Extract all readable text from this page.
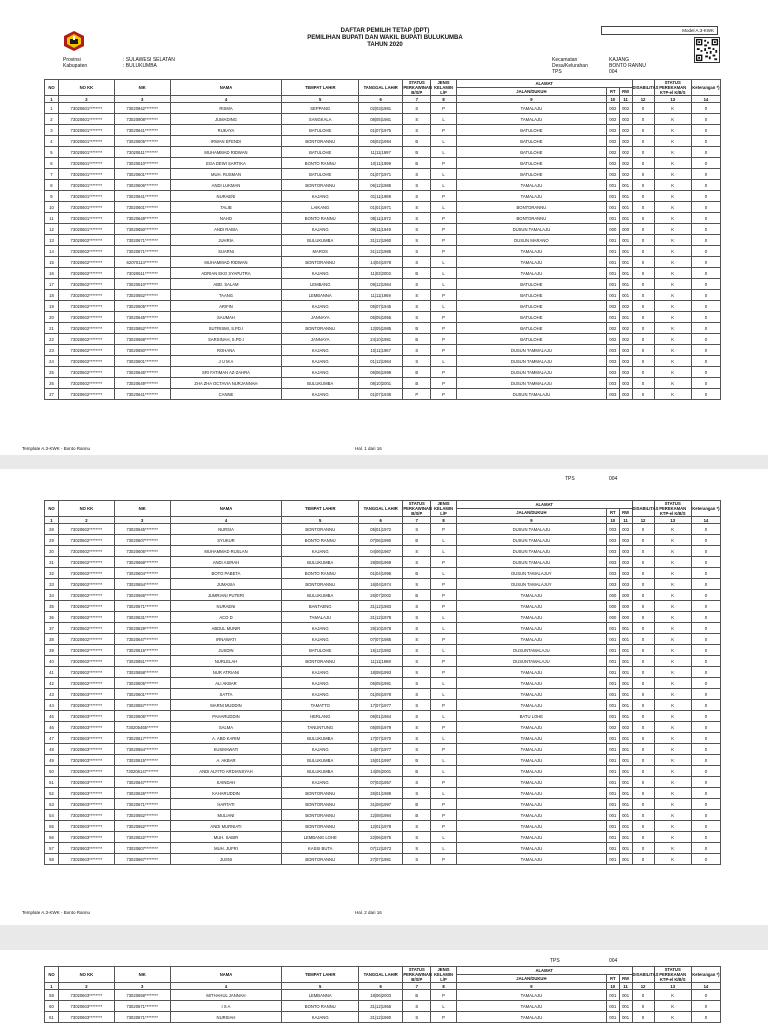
Model A.3-KWK
DAFTAR PEMILIH TETAP (DPT)
PEMILIHAN BUPATI DAN WAKIL BUPATI BULUKUMBA
TAHUN 2020
Provinsi	: SULAWESI SELATAN
Kabupaten	: BULUKUMBA
Kecamatan	KAJANG
Desa/Kelurahan	BONTO RANNU
TPS	004
NO	NO KK	NIK	NAMA	TEMPAT LAHIR	TANGGAL LAHIR	STATUS PERKAWINAN B/S/P	JENIS KELAMIN L/P	ALAMAT			DISABILITAS	STATUS PEREKAMAN KTP-el K/B/S	Keterangan *)
								JALAN/DUKUH	RT	RW			
1	2	3	4	5	6	7	8	9	10	11	12	13	14
1	73020601********	73020942********	RISMA	SEPPANG	02|03|1981	S	P	TAMALAJU	002	002	0	K	0
2	73020601********	73020908********	JUMADING	SANGKALA	08|05|1981	S	L	TAMALAJU	002	002	0	K	0
3	73020601********	73020641********	RUKAYA	BATULOHE	01|07|1975	S	P	BATULOHE	002	002	0	K	0
4	73020601********	73020605********	IRWAN EFENDI	BONTORANNU	05|02|1994	B	L	BATULOHE	002	002	0	K	0
5	73020601********	73020611********	MUHAMMAD RIDWAN	BATULOHE	11|11|1997	B	L	BATULOHE	002	002	0	K	0
6	73020601********	73020610********	EGA DEWI SARTIKA	BONTO RANNU	10|11|1999	B	P	BATULOHE	002	002	0	K	0
7	73020601********	73020601********	MUH. RUSMAN	BATULOHE	01|07|1971	S	L	BATULOHE	002	002	0	K	0
8	73020601********	73020606********	ANDI LUKMAN	BONTORANNU	06|12|1985	S	L	TAMALAJU	001	001	0	K	0
9	73020601********	73020641********	NURAENI	KAJANG	01|11|1989	S	P	TAMALAJU	001	001	0	K	0
10	73020601********	73020601********	TALIB	LAIKANG	01|01|1971	S	L	BONTORANNU	001	001	0	K	0
11	73020601********	73020648********	NAHO	BONTO RANNU	08|11|1972	S	P	BONTORANNU	001	001	0	K	0
12	73020601********	73020650********	ANDI RABIA	KAJANG	09|11|1949	S	P	DUSUN TAMALAJU	000	000	0	K	0
13	73020602********	73020671********	JUHRIA	BULUKUMBA	31|12|1960	S	P	DUSUN MARANO	001	001	0	K	0
14	73020602********	73020671********	SUARNI	MAROS	31|12|1985	S	P	TAMALAJU	001	001	0	K	0
15	73020602********	62070114********	MUHAMMAD RIDWAN	BONTORANNU	14|04|1978	S	L	TAMALAJU	001	001	0	K	0
16	73020602********	73020611********	ADRIAN EKO SYAPUTRA	KAJANG	11|02|2002	B	L	TAMALAJU	001	001	0	K	0
17	73020602********	73020610********	ABD. SALAM	LEMBANG	09|12|1964	S	L	BATULOHE	001	001	0	K	0
18	73020602********	73020652********	TAANG	LEMBANNA	11|11|1969	S	P	BATULOHE	001	001	0	K	0
19	73020602********	73020605********	ARIFIN	KAJANG	05|07|1945	S	L	BATULOHE	002	002	0	K	0
20	73020602********	73020645********	SAUMAH	JANNAYA	05|05|1955	S	P	BATULOHE	001	001	0	K	0
21	73020602********	73020652********	SUTRISMI, S.PD.I	BONTORANNU	12|05|1985	B	P	BATULOHE	002	002	0	K	0
22	73020602********	73020668********	SARSINAH, S.PD.I	JANNAYA	24|10|1981	B	P	BATULOHE	002	002	0	K	0
23	73020602********	73020650********	ROHANA	KAJANG	10|11|1967	S	P	DUSUN TAMMALAJU	003	003	0	K	0
24	73020602********	73020601********	J U M A	KAJANG	01|12|1964	S	L	DUSUN TAMMALAJU	003	003	0	K	0
25	73020602********	73020646********	SRI FATIMAH AZ-ZAHRA	KAJANG	06|06|1999	B	P	DUSUN TAMMALAJU	003	003	0	K	0
26	73020602********	73020649********	ZHA ZHA OCTAVIA NURJANNAH	BULUKUMBA	08|10|2001	B	P	DUSUN TAMMALAJU	003	003	0	K	0
27	73020602********	73020641********	CANNE	KAJANG	01|07|1936	P	P	DUSUN TAMALAJU	003	003	0	K	0
Template A.3-KWK - Bonto Rannu	Hal. 1 dari 16
TPS	004
NO	NO KK	NIK	NAMA	TEMPAT LAHIR	TANGGAL LAHIR	STATUS PERKAWINAN B/S/P	JENIS KELAMIN L/P	ALAMAT			DISABILITAS	STATUS PEREKAMAN KTP-el K/B/S	Keterangan *)
								JALAN/DUKUH	RT	RW			
1	2	3	4	5	6	7	8	9	10	11	12	13	14
28	73020602********	73020645********	NURSIA	BONTORANNU	05|01|1972	S	P	DUSUN TAMALAJU	003	003	0	K	0
29	73020602********	73020607********	SYUKUR	BONTO RANNU	07|06|1990	B	L	DUSUN TAMALAJU	003	003	0	K	0
30	73020602********	73020606********	MUHAMMAD RUSLAN	KAJANG	04|06|1967	S	L	DUSUN TAMALAJU	003	003	0	K	0
31	73020602********	73020668********	ANDI ASIRAH	BULUKUMBA	28|08|1969	S	P	DUSUN TAMALAJU	003	003	0	K	0
32	73020602********	73020604********	BOTO PABETA	BONTO RANNU	01|04|1996	B	L	DUSUN TAMALAJUY	003	003	0	K	0
33	73020602********	73020654********	JUMASIA	BONTORANNU	16|04|1974	S	P	DUSUN TAMALAJUY	003	003	0	K	0
34	73020602********	73020666********	JUMRIANI PUTERI	BULUKUMBA	26|07|2002	B	P	TAMALAJU	000	000	0	K	0
35	73020602********	73020671********	NURAENI	BANTAENG	31|12|1983	S	P	TAMALAJU	000	000	0	K	0
36	73020602********	73020631********	ACO D	TAMALAJU	31|12|1978	S	L	TAMALAJU	000	000	0	K	0
37	73020602********	73020629********	ABDUL MUNIR	KAJANG	29|10|1978	S	L	TAMALAJU	001	001	0	K	0
38	73020602********	73020647********	IRNAWATI	KAJANG	07|07|1985	S	P	TAMALAJU	001	001	0	K	0
39	73020602********	73020615********	JUSDIN	BATULOHE	15|12|1982	S	L	DUSUNTAMALAJU	001	001	0	K	0
40	73020602********	73020651********	NURLELAH	BONTORANNU	11|11|1988	S	P	DUSUNTAMALAJU	001	001	0	K	0
41	73020602********	73020658********	NUR ATRIANI	KAJANG	18|08|1993	S	P	TAMALAJU	001	001	0	K	0
42	73020602********	73020605********	ALI AKBAR	KAJANG	05|05|1991	S	L	TAMALAJU	001	001	0	K	0
43	73020603********	73020601********	SATTA	KAJANG	01|05|1978	S	L	TAMALAJU	001	001	0	K	0
44	73020603********	73020657********	MARNI MUDDIN	TAMATTO	17|07|1977	S	P	TAMALAJU	001	001	0	K	0
45	73020603********	73020606********	PAHARUDDIN	HERLANG	06|01|1964	S	L	BATU LOHE	001	001	0	K	0
46	73020603********	730205455*******	SALMA	TANUNTUNG	05|05|1979	S	P	TAMALAJU	002	002	0	K	0
47	73020603********	73020617********	A. ABD KARIM	BULUKUMBA	17|07|1970	S	L	TAMALAJU	001	001	0	K	0
48	73020603********	73020654********	KUSMAWATI	KAJANG	14|07|1977	S	P	TAMALAJU	001	001	0	K	0
49	73020603********	73020615********	A. AKBAR	BULUKUMBA	15|01|1997	B	L	TAMALAJU	001	001	0	K	0
50	73020603********	730206147*******	ANDI ALFITO ARDIANSYAH	BULUKUMBA	14|05|2001	B	L	TAMALAJU	001	001	0	K	0
51	73020603********	73020647********	SAINDAH	KAJANG	07|03|1957	S	P	TAMALAJU	001	001	0	K	0
52	73020603********	73020626********	KAHARUDDIN	BONTORANNU	26|01|1989	S	L	TAMALAJU	001	001	0	K	0
53	73020603********	73020671********	HARTATI	BONTORANNU	31|08|1997	B	P	TAMALAJU	001	001	0	K	0
54	73020603********	73020652********	MULIANI	BONTORANNU	12|08|1994	B	P	TAMALAJU	001	001	0	K	0
55	73020603********	73020652********	ANDI MURNIATI	BONTORANNU	12|01|1978	S	P	TAMALAJU	001	001	0	K	0
56	73020603********	73020622********	MUH. SABIR	LEMBANG LOHE	22|06|1975	S	L	TAMALAJU	001	001	0	K	0
57	73020603********	73020607********	MUH. JUFRI	KASSI BUTA	07|12|1973	S	L	TAMALAJU	001	001	0	K	0
58	73020603********	73020667********	JUSNI	BONTORANNU	27|07|1981	S	P	TAMALAJU	001	001	0	K	0
Template A.3-KWK - Bonto Rannu	Hal. 2 dari 16
TPS	004
NO	NO KK	NIK	NAMA	TEMPAT LAHIR	TANGGAL LAHIR	STATUS PERKAWINAN B/S/P	JENIS KELAMIN L/P	ALAMAT			DISABILITAS	STATUS PEREKAMAN KTP-el K/B/S	Keterangan *)
								JALAN/DUKUH	RT	RW			
1	2	3	4	5	6	7	8	9	10	11	12	13	14
59	73020603********	73020658********	MITHAHUL JANNAH	LEMBANNA	18|06|2003	B	P	TAMALAJU	001	001	0	K	0
60	73020603********	73020671********	I S A	BONTO RANNU	31|12|1955	S	L	TAMALAJU	001	001	0	K	0
61	73020603********	73020671********	NURSIAH	KAJANG	31|12|1960	S	P	TAMALAJU	001	001	0	K	0
